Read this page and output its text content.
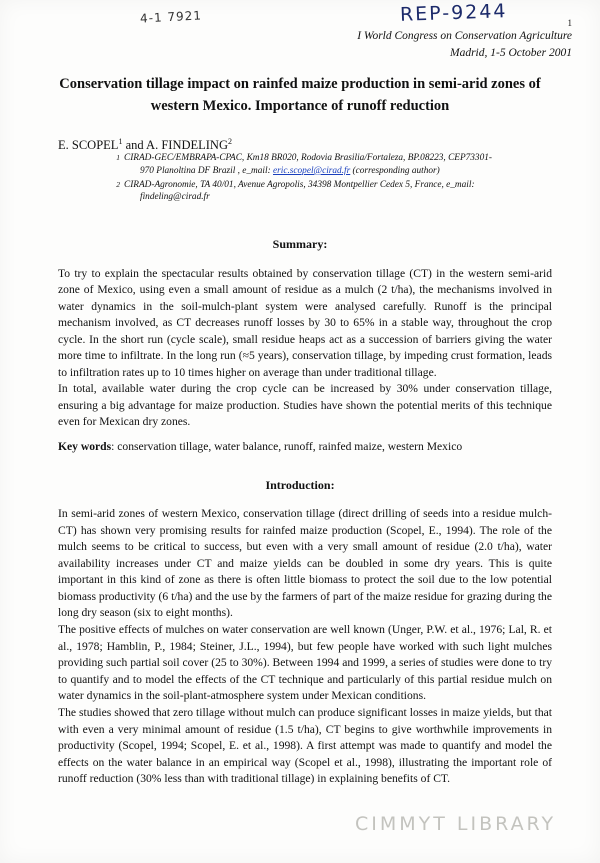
4-1 7921	REP-9244	1
I World Congress on Conservation Agriculture
Madrid, 1-5 October 2001
Conservation tillage impact on rainfed maize production in semi-arid zones of western Mexico. Importance of runoff reduction
E. SCOPEL$^1$ and A. FINDELING$^2$
1 CIRAD-GEC/EMBRAPA-CPAC, Km18 BR020, Rodovia Brasilia/Fortaleza, BP.08223, CEP73301-
970 Planoltina DF Brazil , e_mail: eric.scopel@cirad.fr (corresponding author)
2 CIRAD-Agronomie, TA 40/01, Avenue Agropolis, 34398 Montpellier Cedex 5, France, e_mail:
findeling@cirad.fr
Summary:

To try to explain the spectacular results obtained by conservation tillage (CT) in the western semi-arid zone of Mexico, using even a small amount of residue as a mulch (2 t/ha), the mechanisms involved in water dynamics in the soil-mulch-plant system were analysed carefully. Runoff is the principal mechanism involved, as CT decreases runoff losses by 30 to 65% in a stable way, throughout the crop cycle. In the short run (cycle scale), small residue heaps act as a succession of barriers giving the water more time to infiltrate. In the long run (≈5 years), conservation tillage, by impeding crust formation, leads to infiltration rates up to 10 times higher on average than under traditional tillage.

In total, available water during the crop cycle can be increased by 30% under conservation tillage, ensuring a big advantage for maize production. Studies have shown the potential merits of this technique even for Mexican dry zones.

Key words: conservation tillage, water balance, runoff, rainfed maize, western Mexico
Introduction:

In semi-arid zones of western Mexico, conservation tillage (direct drilling of seeds into a residue mulch-CT) has shown very promising results for rainfed maize production (Scopel, E., 1994). The role of the mulch seems to be critical to success, but even with a very small amount of residue (2.0 t/ha), water availability increases under CT and maize yields can be doubled in some dry years. This is quite important in this kind of zone as there is often little biomass to protect the soil due to the low potential biomass productivity (6 t/ha) and the use by the farmers of part of the maize residue for grazing during the long dry season (six to eight months).

The positive effects of mulches on water conservation are well known (Unger, P.W. et al., 1976; Lal, R. et al., 1978; Hamblin, P., 1984; Steiner, J.L., 1994), but few people have worked with such light mulches providing such partial soil cover (25 to 30%). Between 1994 and 1999, a series of studies were done to try to quantify and to model the effects of the CT technique and particularly of this partial residue mulch on water dynamics in the soil-plant-atmosphere system under Mexican conditions.

The studies showed that zero tillage without mulch can produce significant losses in maize yields, but that with even a very minimal amount of residue (1.5 t/ha), CT begins to give worthwhile improvements in productivity (Scopel, 1994; Scopel, E. et al., 1998). A first attempt was made to quantify and model the effects on the water balance in an empirical way (Scopel et al., 1998), illustrating the important role of runoff reduction (30% less than with traditional tillage) in explaining benefits of CT.

CIMMYT LIBRARY
